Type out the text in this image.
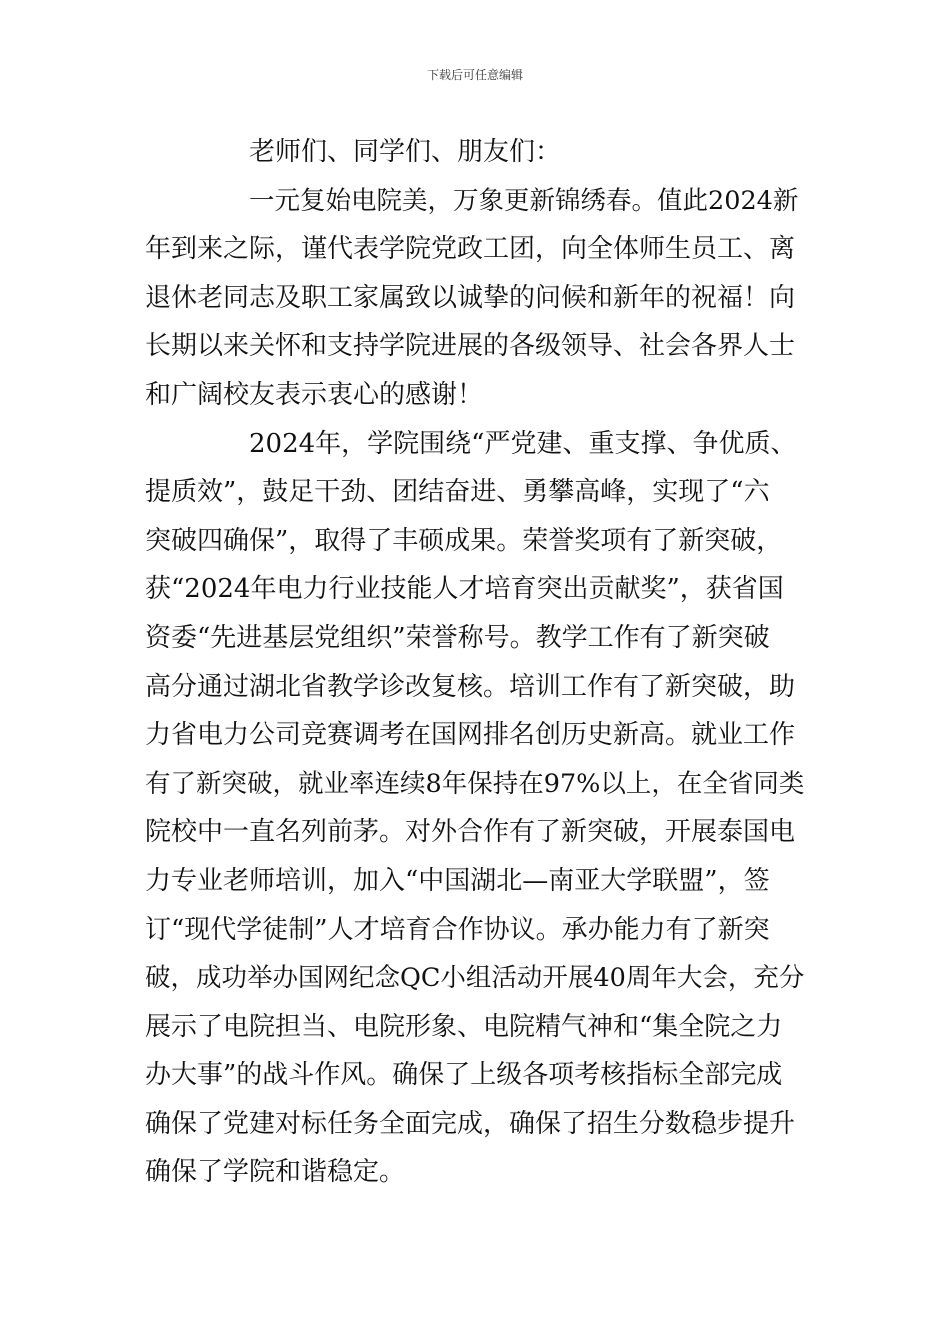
下载后可任意编辑
老师们、同学们、朋友们：
一元复始电院美，万象更新锦绣春。值此2024新
年到来之际，谨代表学院党政工团，向全体师生员工、离
退休老同志及职工家属致以诚挚的问候和新年的祝福！向
长期以来关怀和支持学院进展的各级领导、社会各界人士
和广阔校友表示衷心的感谢！
2024年，学院围绕“严党建、重支撑、争优质、
提质效”，鼓足干劲、团结奋进、勇攀高峰，实现了“六
突破四确保”，取得了丰硕成果。荣誉奖项有了新突破，
获“2024年电力行业技能人才培育突出贡献奖”，获省国
资委“先进基层党组织”荣誉称号。教学工作有了新突破
高分通过湖北省教学诊改复核。培训工作有了新突破，助
力省电力公司竞赛调考在国网排名创历史新高。就业工作
有了新突破，就业率连续8年保持在97%以上，在全省同类
院校中一直名列前茅。对外合作有了新突破，开展泰国电
力专业老师培训，加入“中国湖北—南亚大学联盟”，签
订“现代学徒制”人才培育合作协议。承办能力有了新突
破，成功举办国网纪念QC小组活动开展40周年大会，充分
展示了电院担当、电院形象、电院精气神和“集全院之力
办大事”的战斗作风。确保了上级各项考核指标全部完成
确保了党建对标任务全面完成，确保了招生分数稳步提升
确保了学院和谐稳定。
